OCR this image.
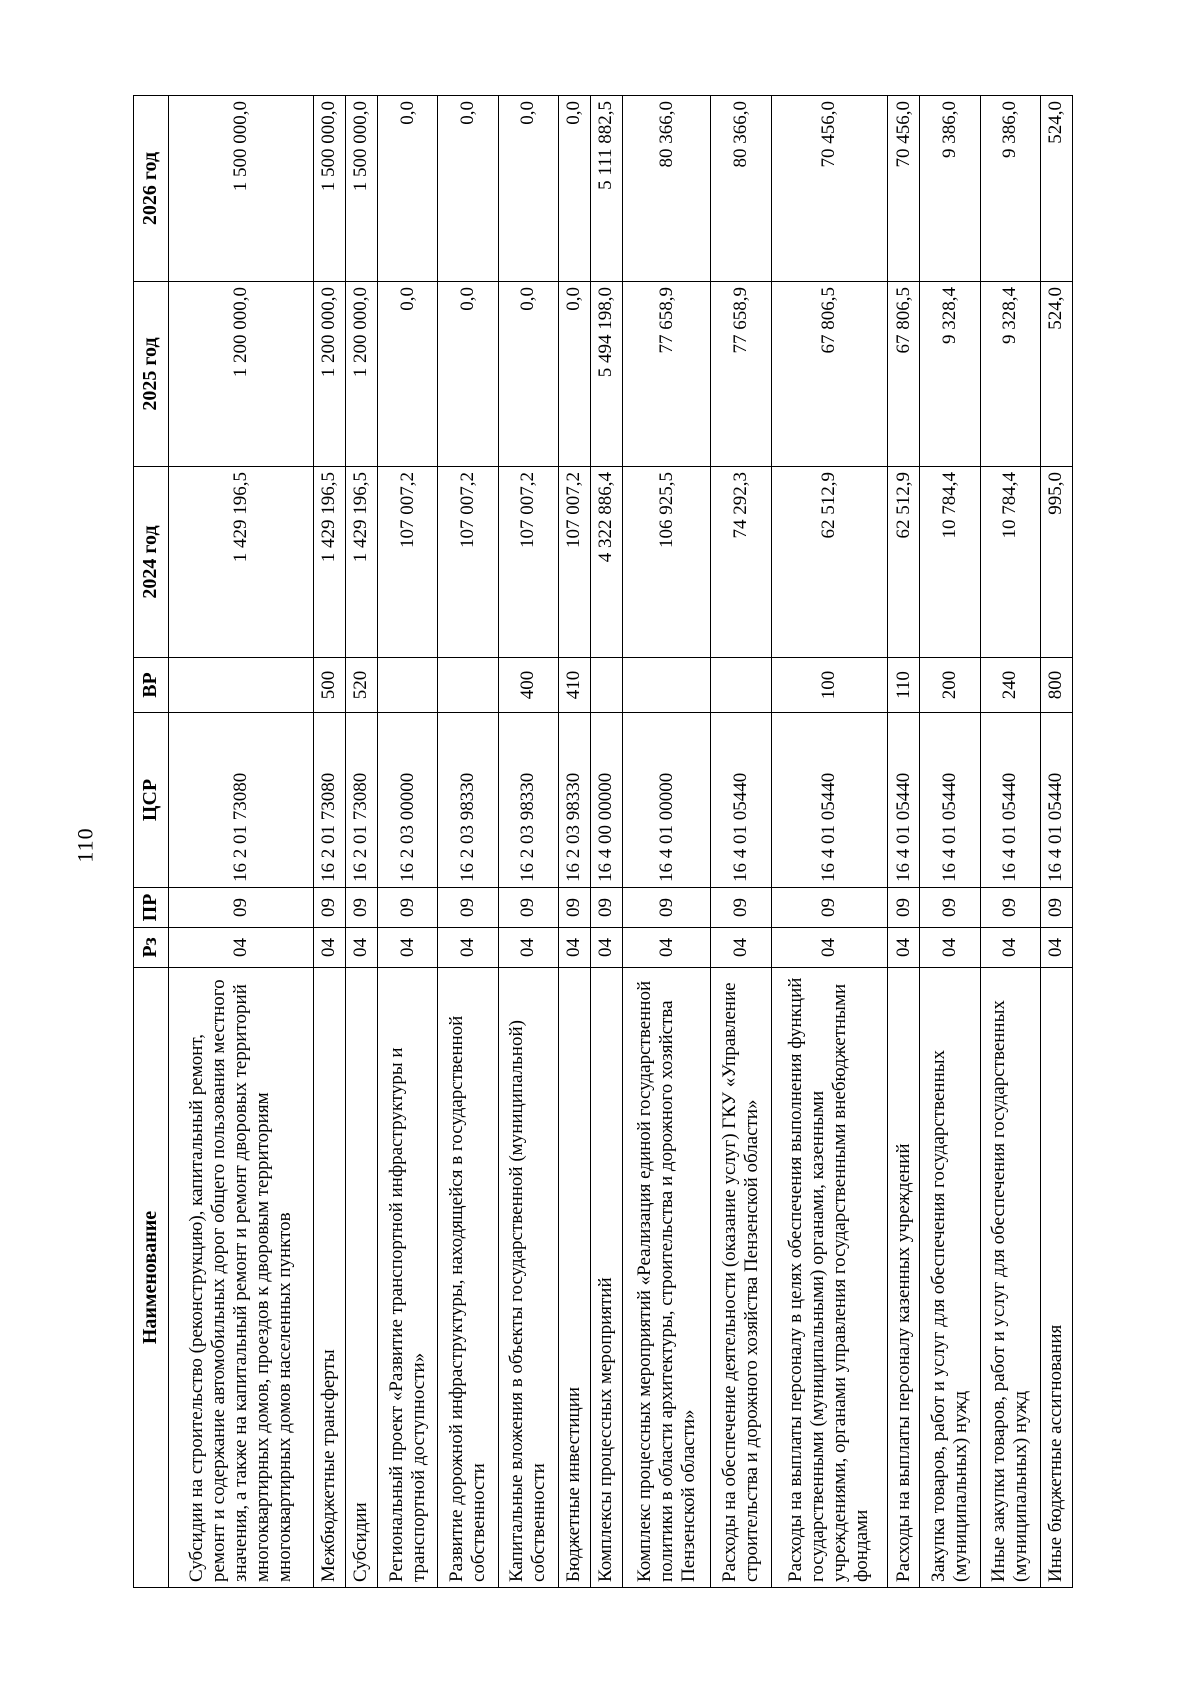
110
Наименование	Рз	ПР	ЦСР	ВР	2024 год	2025 год	2026 год
Субсидии на строительство (реконструкцию), капитальный ремонт, ремонт и содержание автомобильных дорог общего пользования местного значения, а также на капитальный ремонт и ремонт дворовых территорий многоквартирных домов, проездов к дворовым территориям многоквартирных домов населенных пунктов	04	09	16 2 01 73080		1 429 196,5	1 200 000,0	1 500 000,0
Межбюджетные трансферты	04	09	16 2 01 73080	500	1 429 196,5	1 200 000,0	1 500 000,0
Субсидии	04	09	16 2 01 73080	520	1 429 196,5	1 200 000,0	1 500 000,0
Региональный проект «Развитие транспортной инфраструктуры и транспортной доступности»	04	09	16 2 03 00000		107 007,2	0,0	0,0
Развитие дорожной инфраструктуры, находящейся в государственной собственности	04	09	16 2 03 98330		107 007,2	0,0	0,0
Капитальные вложения в объекты государственной (муниципальной) собственности	04	09	16 2 03 98330	400	107 007,2	0,0	0,0
Бюджетные инвестиции	04	09	16 2 03 98330	410	107 007,2	0,0	0,0
Комплексы процессных мероприятий	04	09	16 4 00 00000		4 322 886,4	5 494 198,0	5 111 882,5
Комплекс процессных мероприятий «Реализация единой государственной политики в области архитектуры, строительства и дорожного хозяйства Пензенской области»	04	09	16 4 01 00000		106 925,5	77 658,9	80 366,0
Расходы на обеспечение деятельности (оказание услуг) ГКУ «Управление строительства и дорожного хозяйства Пензенской области»	04	09	16 4 01 05440		74 292,3	77 658,9	80 366,0
Расходы на выплаты персоналу в целях обеспечения выполнения функций государственными (муниципальными) органами, казенными учреждениями, органами управления государственными внебюджетными фондами	04	09	16 4 01 05440	100	62 512,9	67 806,5	70 456,0
Расходы на выплаты персоналу казенных учреждений	04	09	16 4 01 05440	110	62 512,9	67 806,5	70 456,0
Закупка товаров, работ и услуг для обеспечения государственных (муниципальных) нужд	04	09	16 4 01 05440	200	10 784,4	9 328,4	9 386,0
Иные закупки товаров, работ и услуг для обеспечения государственных (муниципальных) нужд	04	09	16 4 01 05440	240	10 784,4	9 328,4	9 386,0
Иные бюджетные ассигнования	04	09	16 4 01 05440	800	995,0	524,0	524,0
